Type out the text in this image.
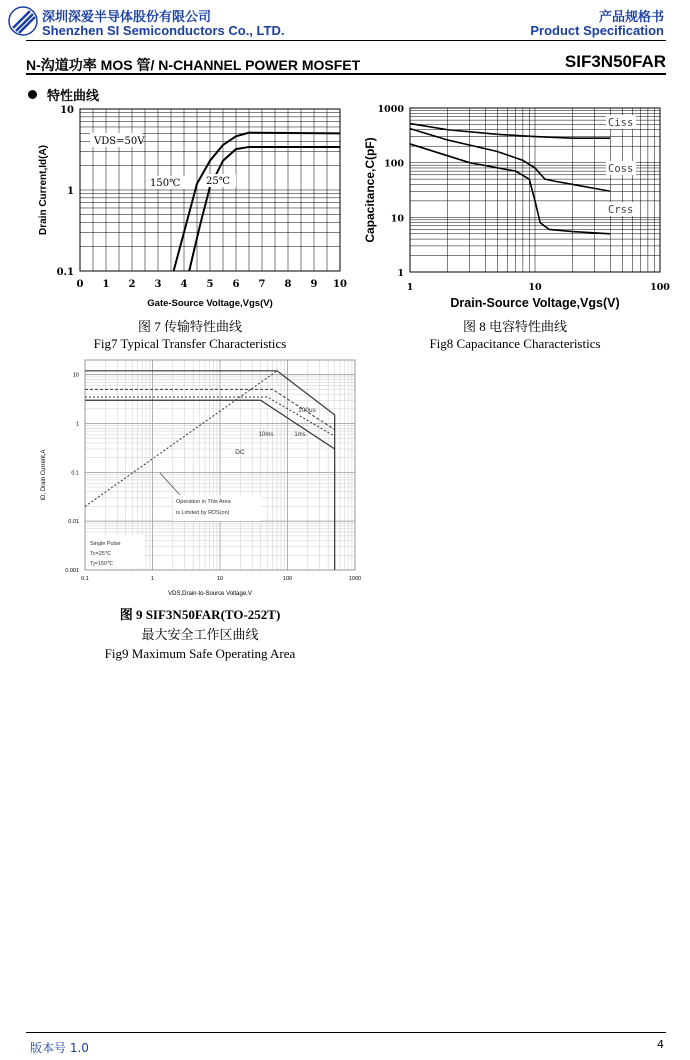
深圳深爱半导体股份有限公司
Shenzhen SI Semiconductors Co., LTD.
产品规格书
Product Specification
N-沟道功率 MOS 管/ N-CHANNEL POWER MOSFET	SIF3N50FAR
特性曲线
0 1 2 3 4 5 6 7 8 9 10
10
1
0.1
VDS=50V
150℃	25℃
Gate-Source Voltage,Vgs(V)
Drain Current,Id(A)
图 7 传输特性曲线
Fig7 Typical Transfer Characteristics
1	10	100
1000
100
10
1
Ciss
Coss
Crss
Drain-Source Voltage,Vgs(V)
Capacitance,C(pF)
图 8 电容特性曲线
Fig8 Capacitance Characteristics
0.1	1	10	100	1000
10
1
0.1
0.01
0.001
100us
10ms	1ms
DC
Operation in This Area
is Limited by RDS(on)
Single Pulse
Tc=25℃
Tj=150℃
VDS,Drain-to-Source Voltage,V
ID, Drain Current,A
图 9 SIF3N50FAR(TO-252T)
最大安全工作区曲线
Fig9 Maximum Safe Operating Area
版本号 1.0	4
